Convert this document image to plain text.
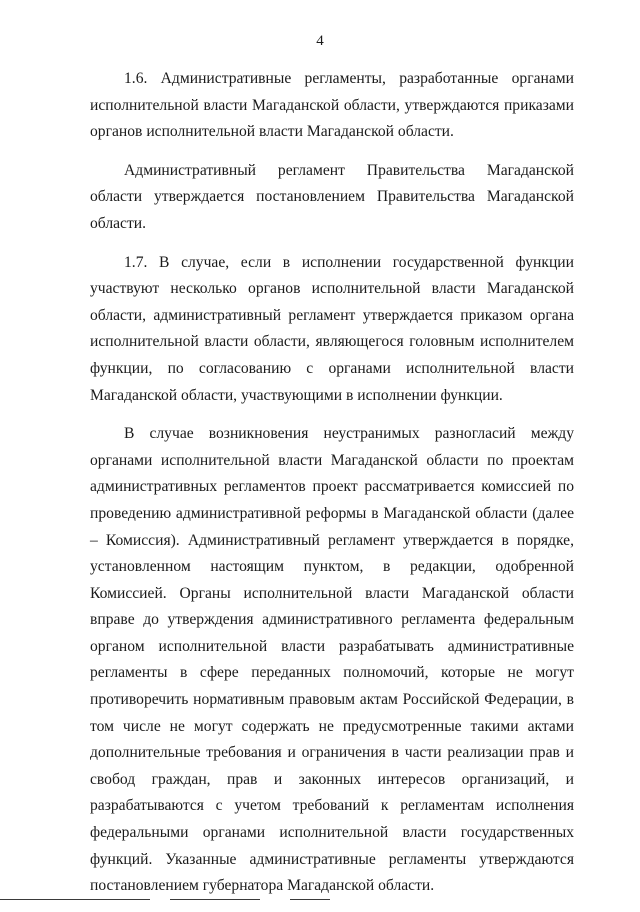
4

1.6. Административные регламенты, разработанные органами исполнительной власти Магаданской области, утверждаются приказами органов исполнительной власти Магаданской области.

Административный регламент Правительства Магаданской области утверждается постановлением Правительства Магаданской области.

1.7. В случае, если в исполнении государственной функции участвуют несколько органов исполнительной власти Магаданской области, административный регламент утверждается приказом органа исполнительной власти области, являющегося головным исполнителем функции, по согласованию с органами исполнительной власти Магаданской области, участвующими в исполнении функции.

В случае возникновения неустранимых разногласий между органами исполнительной власти Магаданской области по проектам административных регламентов проект рассматривается комиссией по проведению административной реформы в Магаданской области (далее – Комиссия). Административный регламент утверждается в порядке, установленном настоящим пунктом, в редакции, одобренной Комиссией. Органы исполнительной власти Магаданской области вправе до утверждения административного регламента федеральным органом исполнительной власти разрабатывать административные регламенты в сфере переданных полномочий, которые не могут противоречить нормативным правовым актам Российской Федерации, в том числе не могут содержать не предусмотренные такими актами дополнительные требования и ограничения в части реализации прав и свобод граждан, прав и законных интересов организаций, и разрабатываются с учетом требований к регламентам исполнения федеральными органами исполнительной власти государственных функций. Указанные административные регламенты утверждаются постановлением губернатора Магаданской области.
